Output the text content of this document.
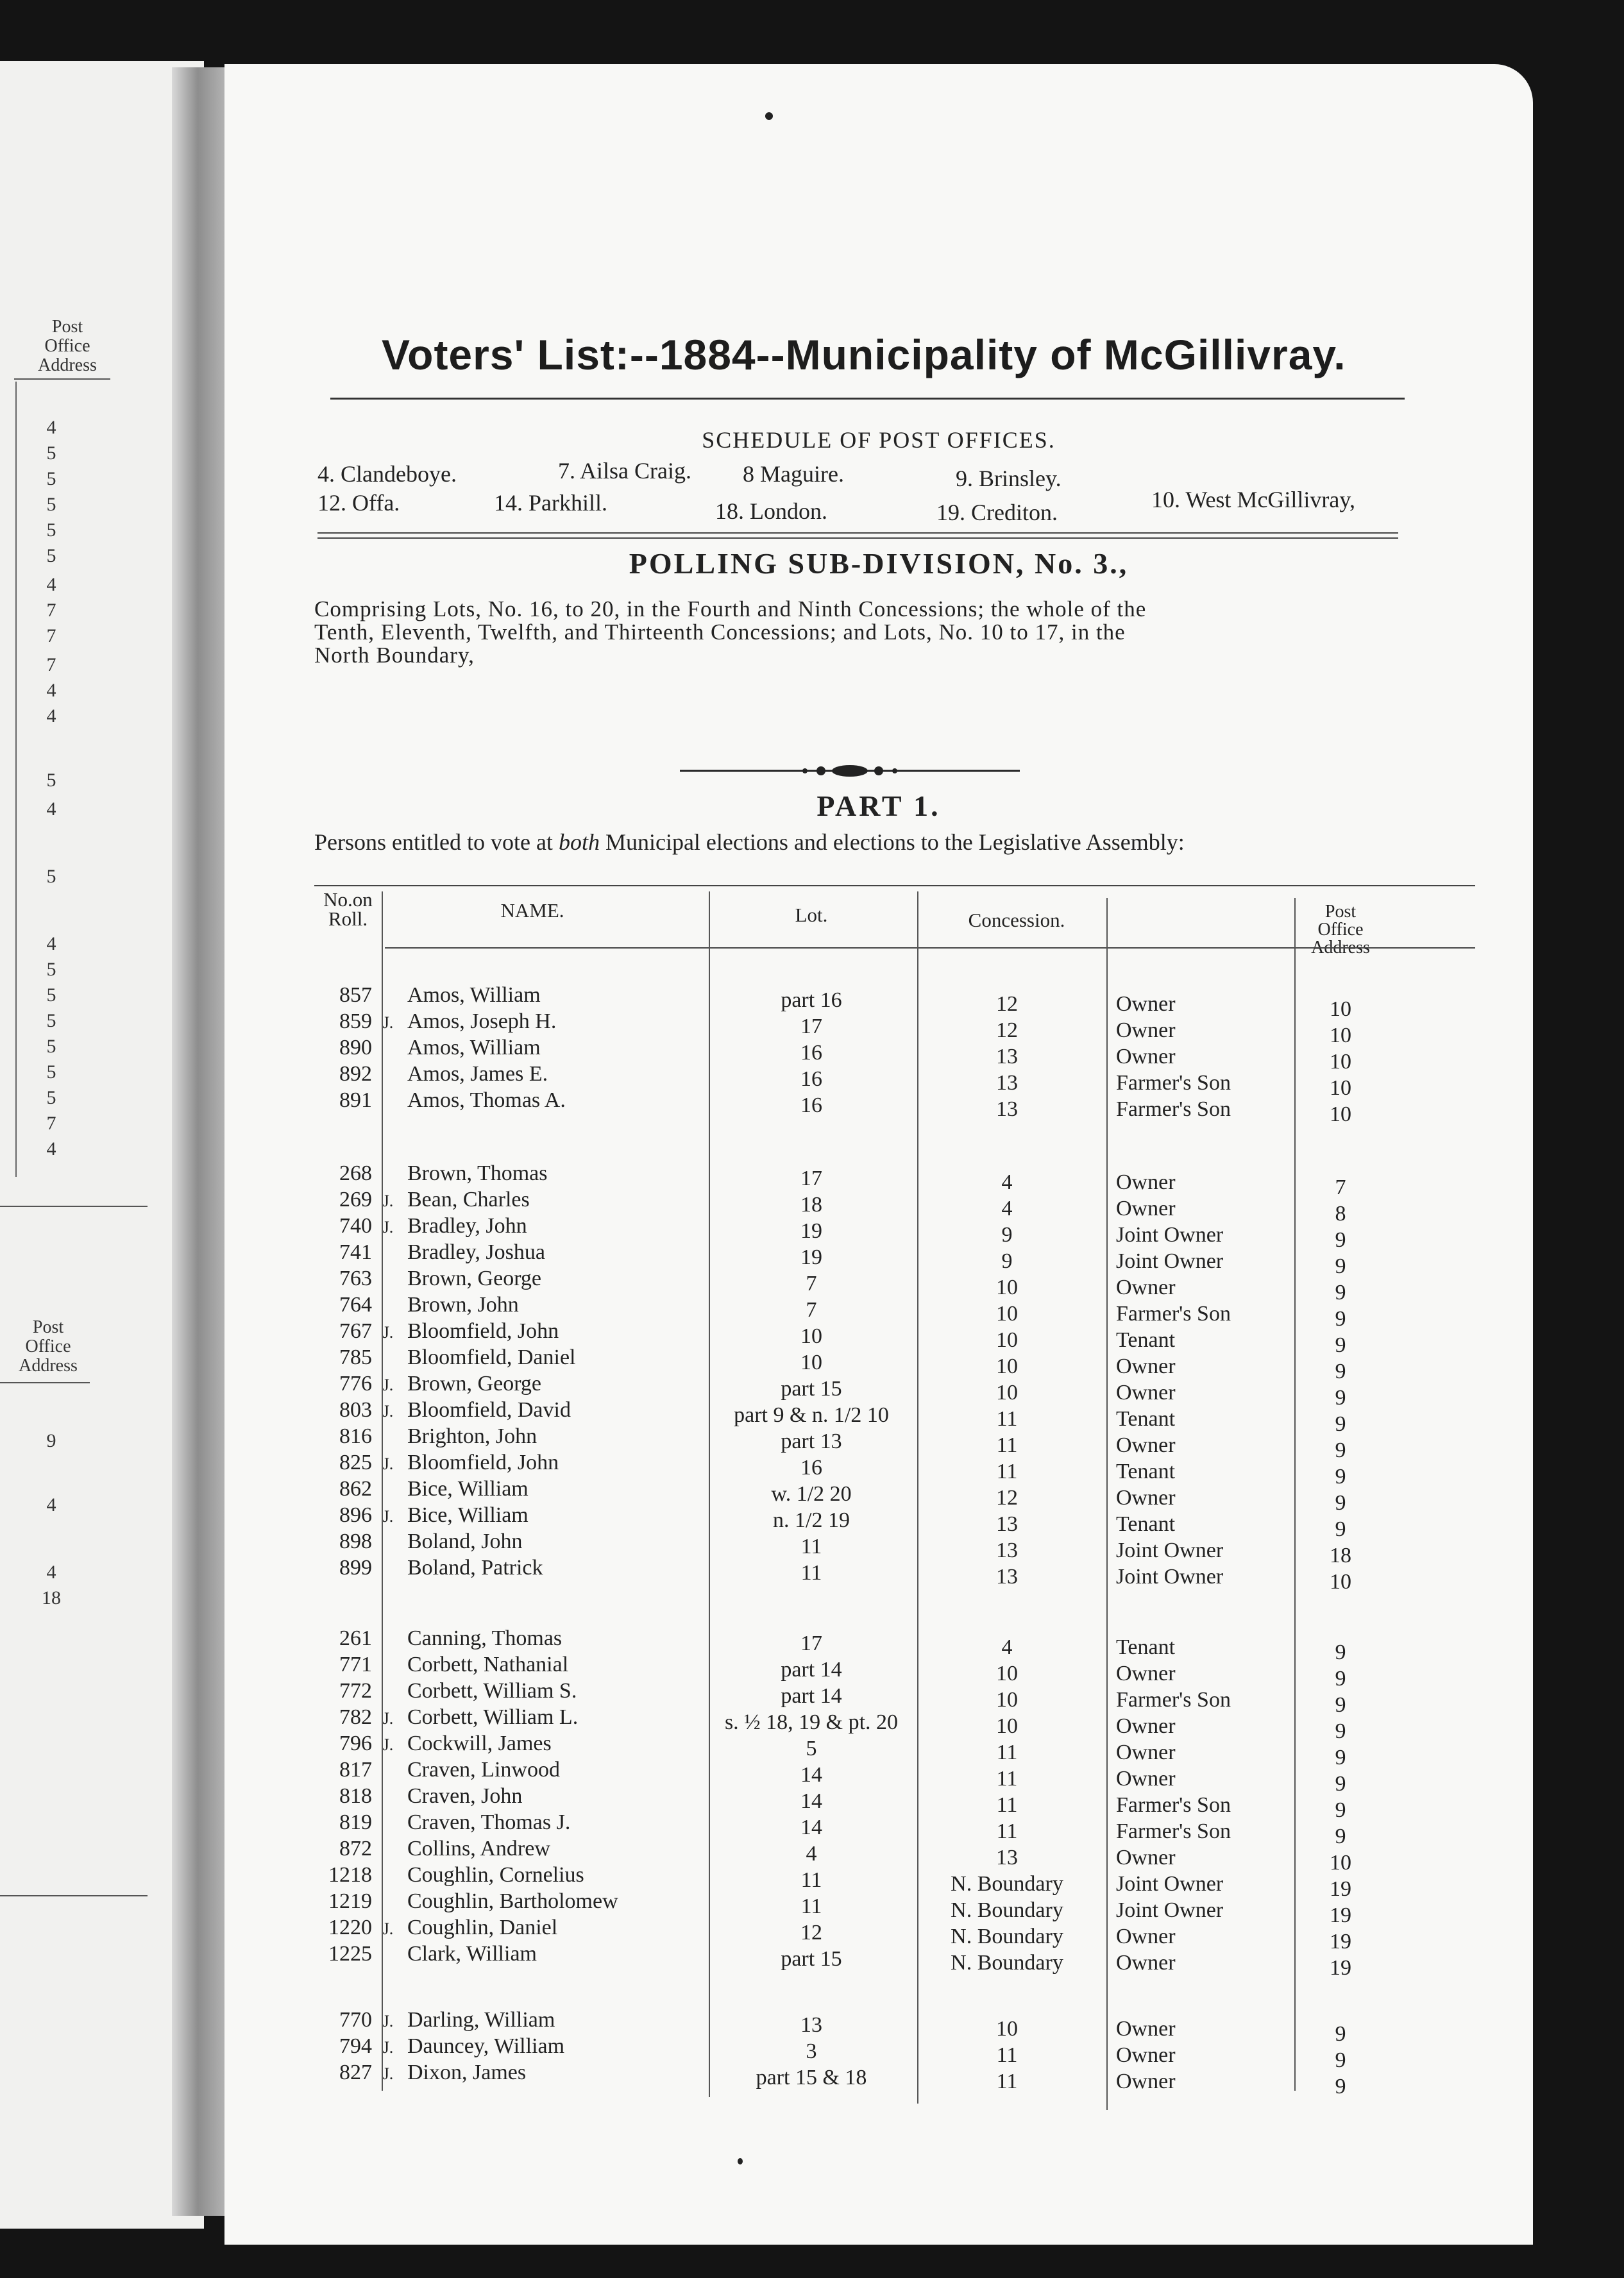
Post
Office
Address
4
5
5
5
5
5
4
7
7
7
4
4
5
4
5
4
5
5
5
5
5
5
7
4
Post
Office
Address
9
4
4
18
Voters' List:--1884--Municipality of McGillivray.
SCHEDULE OF POST OFFICES.
4. Clandeboye.	7. Ailsa Craig. 8 Maguire.	9. Brinsley.
10. West McGillivray,
12. Offa.	14. Parkhill.	18. London.	19. Crediton.
POLLING SUB-DIVISION, No. 3.,
Comprising Lots, No. 16, to 20, in the Fourth and Ninth Concessions; the whole of the
Tenth, Eleventh, Twelfth, and Thirteenth Concessions; and Lots, No. 10 to 17, in the
North Boundary,
PART 1.
Persons entitled to vote at both Municipal elections and elections to the Legislative Assembly:
No.on
Roll.	NAME.	Lot.	Concession.	Post
Office
Address
857 Amos, William	part 16	12	Owner	10
859 J. Amos, Joseph H.	17	12	Owner	10
890 Amos, William	16	13	Owner	10
892 Amos, James E.	16	13	Farmer's Son	10
891 Amos, Thomas A.	16	13	Farmer's Son	10
268 Brown, Thomas	17	4	Owner	7
269 J. Bean, Charles	18	4	Owner	8
740 J. Bradley, John	19	9	Joint Owner	9
741 Bradley, Joshua	19	9	Joint Owner	9
763 Brown, George	7	10	Owner	9
764 Brown, John	7	10	Farmer's Son	9
767 J. Bloomfield, John	10	10	Tenant	9
785 Bloomfield, Daniel	10	10	Owner	9
776 J. Brown, George	part 15	10	Owner	9
803 J. Bloomfield, David	part 9 & n. 1/2 10	11	Tenant	9
816 Brighton, John	part 13	11	Owner	9
825 J. Bloomfield, John	16	11	Tenant	9
862 Bice, William	w. 1/2 20	12	Owner	9
896 J. Bice, William	n. 1/2 19	13	Tenant	9
898 Boland, John	11	13	Joint Owner	18
899 Boland, Patrick	11	13	Joint Owner	10
261 Canning, Thomas	17	4	Tenant	9
771 Corbett, Nathanial	part 14	10	Owner	9
772 Corbett, William S.	part 14	10	Farmer's Son	9
782 J. Corbett, William L.	s. ½ 18, 19 & pt. 20	10	Owner	9
796 J. Cockwill, James	5	11	Owner	9
817 Craven, Linwood	14	11	Owner	9
818 Craven, John	14	11	Farmer's Son	9
819 Craven, Thomas J.	14	11	Farmer's Son	9
872 Collins, Andrew	4	13	Owner	10
1218 Coughlin, Cornelius	11	N. Boundary	Joint Owner	19
1219 Coughlin, Bartholomew	11	N. Boundary	Joint Owner	19
1220 J. Coughlin, Daniel	12	N. Boundary	Owner	19
1225 Clark, William	part 15	N. Boundary	Owner	19
770 J. Darling, William	13	10	Owner	9
794 J. Dauncey, William	3	11	Owner	9
827 J. Dixon, James	part 15 & 18	11	Owner	9
